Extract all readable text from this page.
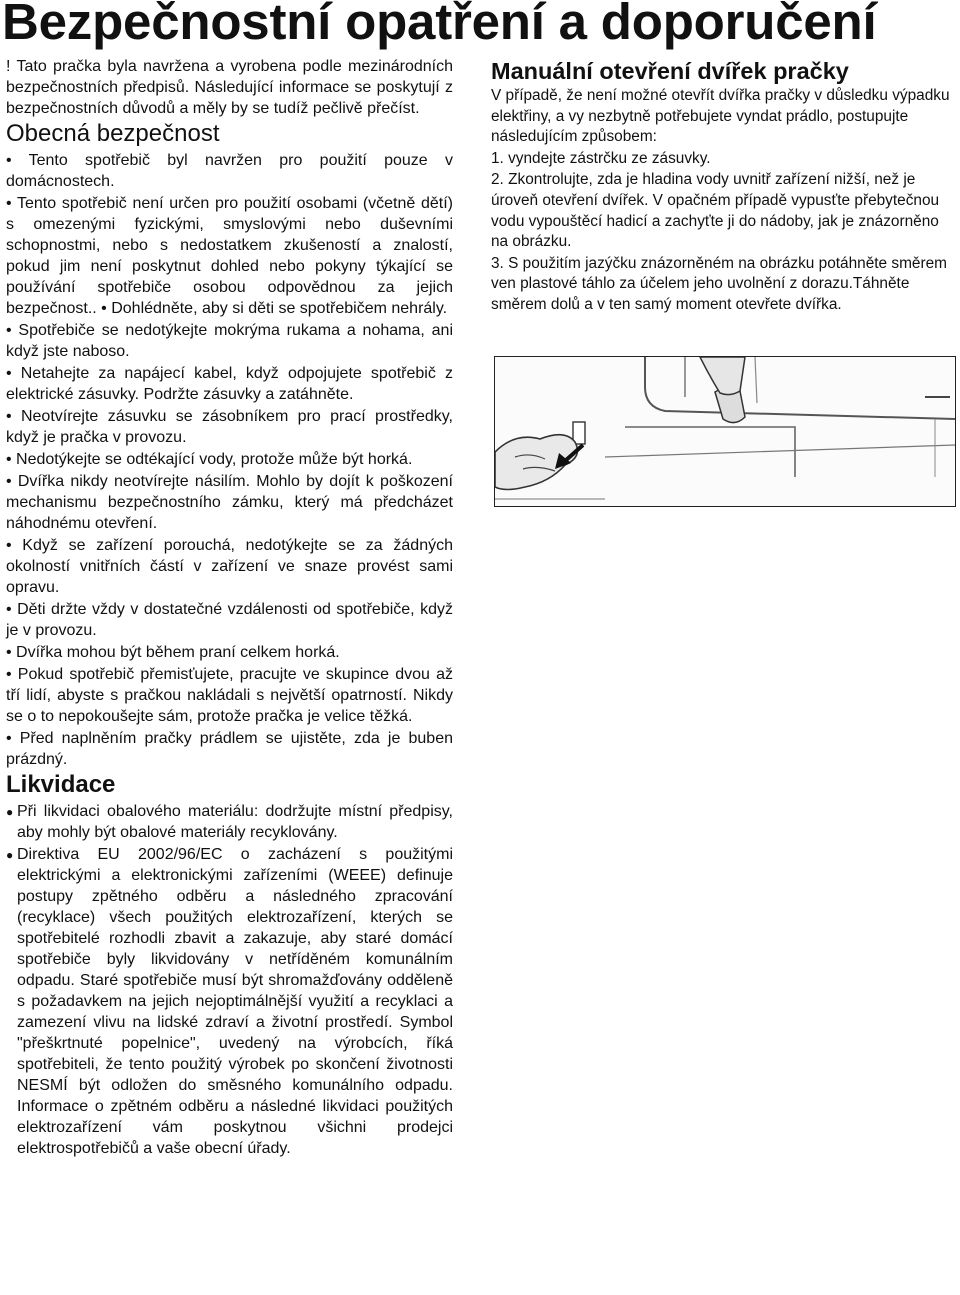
Bezpečnostní opatření a doporučení

! Tato pračka byla navržena a vyrobena podle mezinárodních bezpečnostních předpisů. Následující informace se poskytují z bezpečnostních důvodů a měly by se tudíž pečlivě přečíst.

Obecná bezpečnost

• Tento spotřebič byl navržen pro použití pouze v domácnostech.

• Tento spotřebič není určen pro použití osobami (včetně dětí) s omezenými fyzickými, smyslovými nebo duševními schopnostmi, nebo s nedostatkem zkušeností a znalostí, pokud jim není poskytnut dohled nebo pokyny týkající se používání spotřebiče osobou odpovědnou za jejich bezpečnost.. • Dohlédněte, aby si děti se spotřebičem nehrály.

• Spotřebiče se nedotýkejte mokrýma rukama a nohama, ani když jste naboso.

• Netahejte za napájecí kabel, když odpojujete spotřebič z elektrické zásuvky. Podržte zásuvky a zatáhněte.

• Neotvírejte zásuvku se zásobníkem pro prací prostředky, když je pračka v provozu.

• Nedotýkejte se odtékající vody, protože může být horká.

• Dvířka nikdy neotvírejte násilím. Mohlo by dojít k poškození mechanismu bezpečnostního zámku, který má předcházet náhodnému otevření.

• Když se zařízení porouchá, nedotýkejte se za žádných okolností vnitřních částí v zařízení ve snaze provést sami opravu.

• Děti držte vždy v dostatečné vzdálenosti od spotřebiče, když je v provozu.

• Dvířka mohou být během praní celkem horká.

• Pokud spotřebič přemisťujete, pracujte ve skupince dvou až tří lidí, abyste s pračkou nakládali s největší opatrností. Nikdy se o to nepokoušejte sám, protože pračka je velice těžká.

• Před naplněním pračky prádlem se ujistěte, zda je buben prázdný.

Likvidace
● Při likvidaci obalového materiálu: dodržujte místní předpisy, aby mohly být obalové materiály recyklovány.
● Direktiva EU 2002/96/EC o zacházení s použitými elektrickými a elektronickými zařízeními (WEEE) definuje postupy zpětného odběru a následného zpracování (recyklace) všech použitých elektrozařízení, kterých se spotřebitelé rozhodli zbavit a zakazuje, aby staré domácí spotřebiče byly likvidovány v netříděném komunálním odpadu. Staré spotřebiče musí být shromažďovány odděleně s požadavkem na jejich nejoptimálnější využití a recyklaci a zamezení vlivu na lidské zdraví a životní prostředí. Symbol "přeškrtnuté popelnice", uvedený na výrobcích, říká spotřebiteli, že tento použitý výrobek po skončení životnosti NESMÍ být odložen do směsného komunálního odpadu. Informace o zpětném odběru a následné likvidaci použitých elektrozařízení vám poskytnou všichni prodejci elektrospotřebičů a vaše obecní úřady.
Manuální otevření dvířek pračky

V případě, že není možné otevřít dvířka pračky v důsledku výpadku elektřiny, a vy nezbytně potřebujete vyndat prádlo, postupujte následujícím způsobem:

1. vyndejte zástrčku ze zásuvky.

2. Zkontrolujte, zda je hladina vody uvnitř zařízení nižší, než je úroveň otevření dvířek. V opačném případě vypusťte přebytečnou vodu vypouštěcí hadicí a zachyťte ji do nádoby, jak je znázorněno na obrázku.

3. S použitím jazýčku znázorněném na obrázku potáhněte směrem ven plastové táhlo za účelem jeho uvolnění z dorazu.Táhněte směrem dolů a v ten samý moment otevřete dvířka.
